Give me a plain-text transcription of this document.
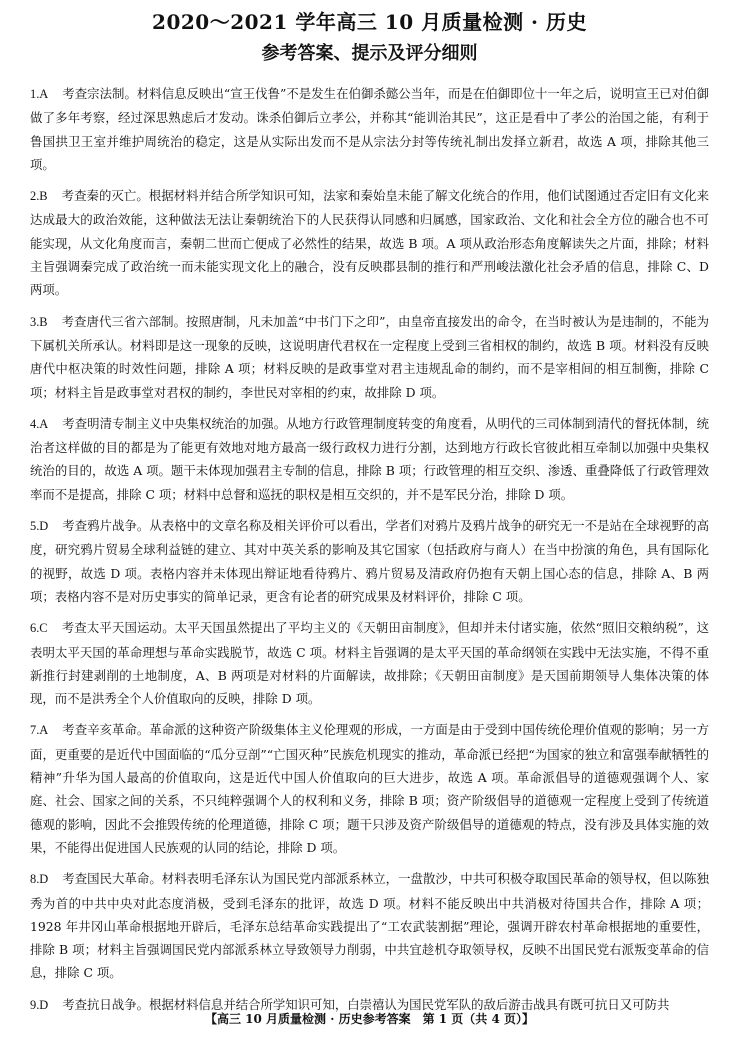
2020～2021 学年高三 10 月质量检测 · 历史
参考答案、提示及评分细则

1.A 考查宗法制。材料信息反映出“宣王伐鲁”不是发生在伯御杀懿公当年，而是在伯御即位十一年之后，说明宣王已对伯御做了多年考察，经过深思熟虑后才发动。诛杀伯御后立孝公，并称其“能训治其民”，这正是看中了孝公的治国之能，有利于鲁国拱卫王室并维护周统治的稳定，这是从实际出发而不是从宗法分封等传统礼制出发择立新君，故选 A 项，排除其他三项。

2.B 考查秦的灭亡。根据材料并结合所学知识可知，法家和秦始皇未能了解文化统合的作用，他们试图通过否定旧有文化来达成最大的政治效能，这种做法无法让秦朝统治下的人民获得认同感和归属感，国家政治、文化和社会全方位的融合也不可能实现，从文化角度而言，秦朝二世而亡便成了必然性的结果，故选 B 项。A 项从政治形态角度解读失之片面，排除；材料主旨强调秦完成了政治统一而未能实现文化上的融合，没有反映郡县制的推行和严刑峻法激化社会矛盾的信息，排除 C、D 两项。

3.B 考查唐代三省六部制。按照唐制，凡未加盖“中书门下之印”，由皇帝直接发出的命令，在当时被认为是违制的，不能为下属机关所承认。材料即是这一现象的反映，这说明唐代君权在一定程度上受到三省相权的制约，故选 B 项。材料没有反映唐代中枢决策的时效性问题，排除 A 项；材料反映的是政事堂对君主违规乱命的制约，而不是宰相间的相互制衡，排除 C 项；材料主旨是政事堂对君权的制约，李世民对宰相的约束，故排除 D 项。

4.A 考查明清专制主义中央集权统治的加强。从地方行政管理制度转变的角度看，从明代的三司体制到清代的督抚体制，统治者这样做的目的都是为了能更有效地对地方最高一级行政权力进行分割，达到地方行政长官彼此相互牵制以加强中央集权统治的目的，故选 A 项。题干未体现加强君主专制的信息，排除 B 项；行政管理的相互交织、渗透、重叠降低了行政管理效率而不是提高，排除 C 项；材料中总督和巡抚的职权是相互交织的，并不是军民分治，排除 D 项。

5.D 考查鸦片战争。从表格中的文章名称及相关评价可以看出，学者们对鸦片及鸦片战争的研究无一不是站在全球视野的高度，研究鸦片贸易全球利益链的建立、其对中英关系的影响及其它国家（包括政府与商人）在当中扮演的角色，具有国际化的视野，故选 D 项。表格内容并未体现出辩证地看待鸦片、鸦片贸易及清政府仍抱有天朝上国心态的信息，排除 A、B 两项；表格内容不是对历史事实的简单记录，更含有论者的研究成果及材料评价，排除 C 项。

6.C 考查太平天国运动。太平天国虽然提出了平均主义的《天朝田亩制度》，但却并未付诸实施，依然“照旧交粮纳税”，这表明太平天国的革命理想与革命实践脱节，故选 C 项。材料主旨强调的是太平天国的革命纲领在实践中无法实施，不得不重新推行封建剥削的土地制度，A、B 两项是对材料的片面解读，故排除；《天朝田亩制度》是天国前期领导人集体决策的体现，而不是洪秀全个人价值取向的反映，排除 D 项。

7.A 考查辛亥革命。革命派的这种资产阶级集体主义伦理观的形成，一方面是由于受到中国传统伦理价值观的影响；另一方面，更重要的是近代中国面临的“瓜分豆剖”“亡国灭种”民族危机现实的推动，革命派已经把“为国家的独立和富强奉献牺牲的精神”升华为国人最高的价值取向，这是近代中国人价值取向的巨大进步，故选 A 项。革命派倡导的道德观强调个人、家庭、社会、国家之间的关系，不只纯粹强调个人的权利和义务，排除 B 项；资产阶级倡导的道德观一定程度上受到了传统道德观的影响，因此不会推毁传统的伦理道德，排除 C 项；题干只涉及资产阶级倡导的道德观的特点，没有涉及具体实施的效果，不能得出促进国人民族观的认同的结论，排除 D 项。

8.D 考查国民大革命。材料表明毛泽东认为国民党内部派系林立，一盘散沙，中共可积极夺取国民革命的领导权，但以陈独秀为首的中共中央对此态度消极，受到毛泽东的批评，故选 D 项。材料不能反映出中共消极对待国共合作，排除 A 项；1928 年井冈山革命根据地开辟后，毛泽东总结革命实践提出了“工农武装割据”理论，强调开辟农村革命根据地的重要性，排除 B 项；材料主旨强调国民党内部派系林立导致领导力削弱，中共宜趁机夺取领导权，反映不出国民党右派叛变革命的信息，排除 C 项。

9.D 考查抗日战争。根据材料信息并结合所学知识可知，白崇禧认为国民党军队的敌后游击战具有既可抗日又可防共

【高三 10 月质量检测 · 历史参考答案　第 1 页（共 4 页）】
